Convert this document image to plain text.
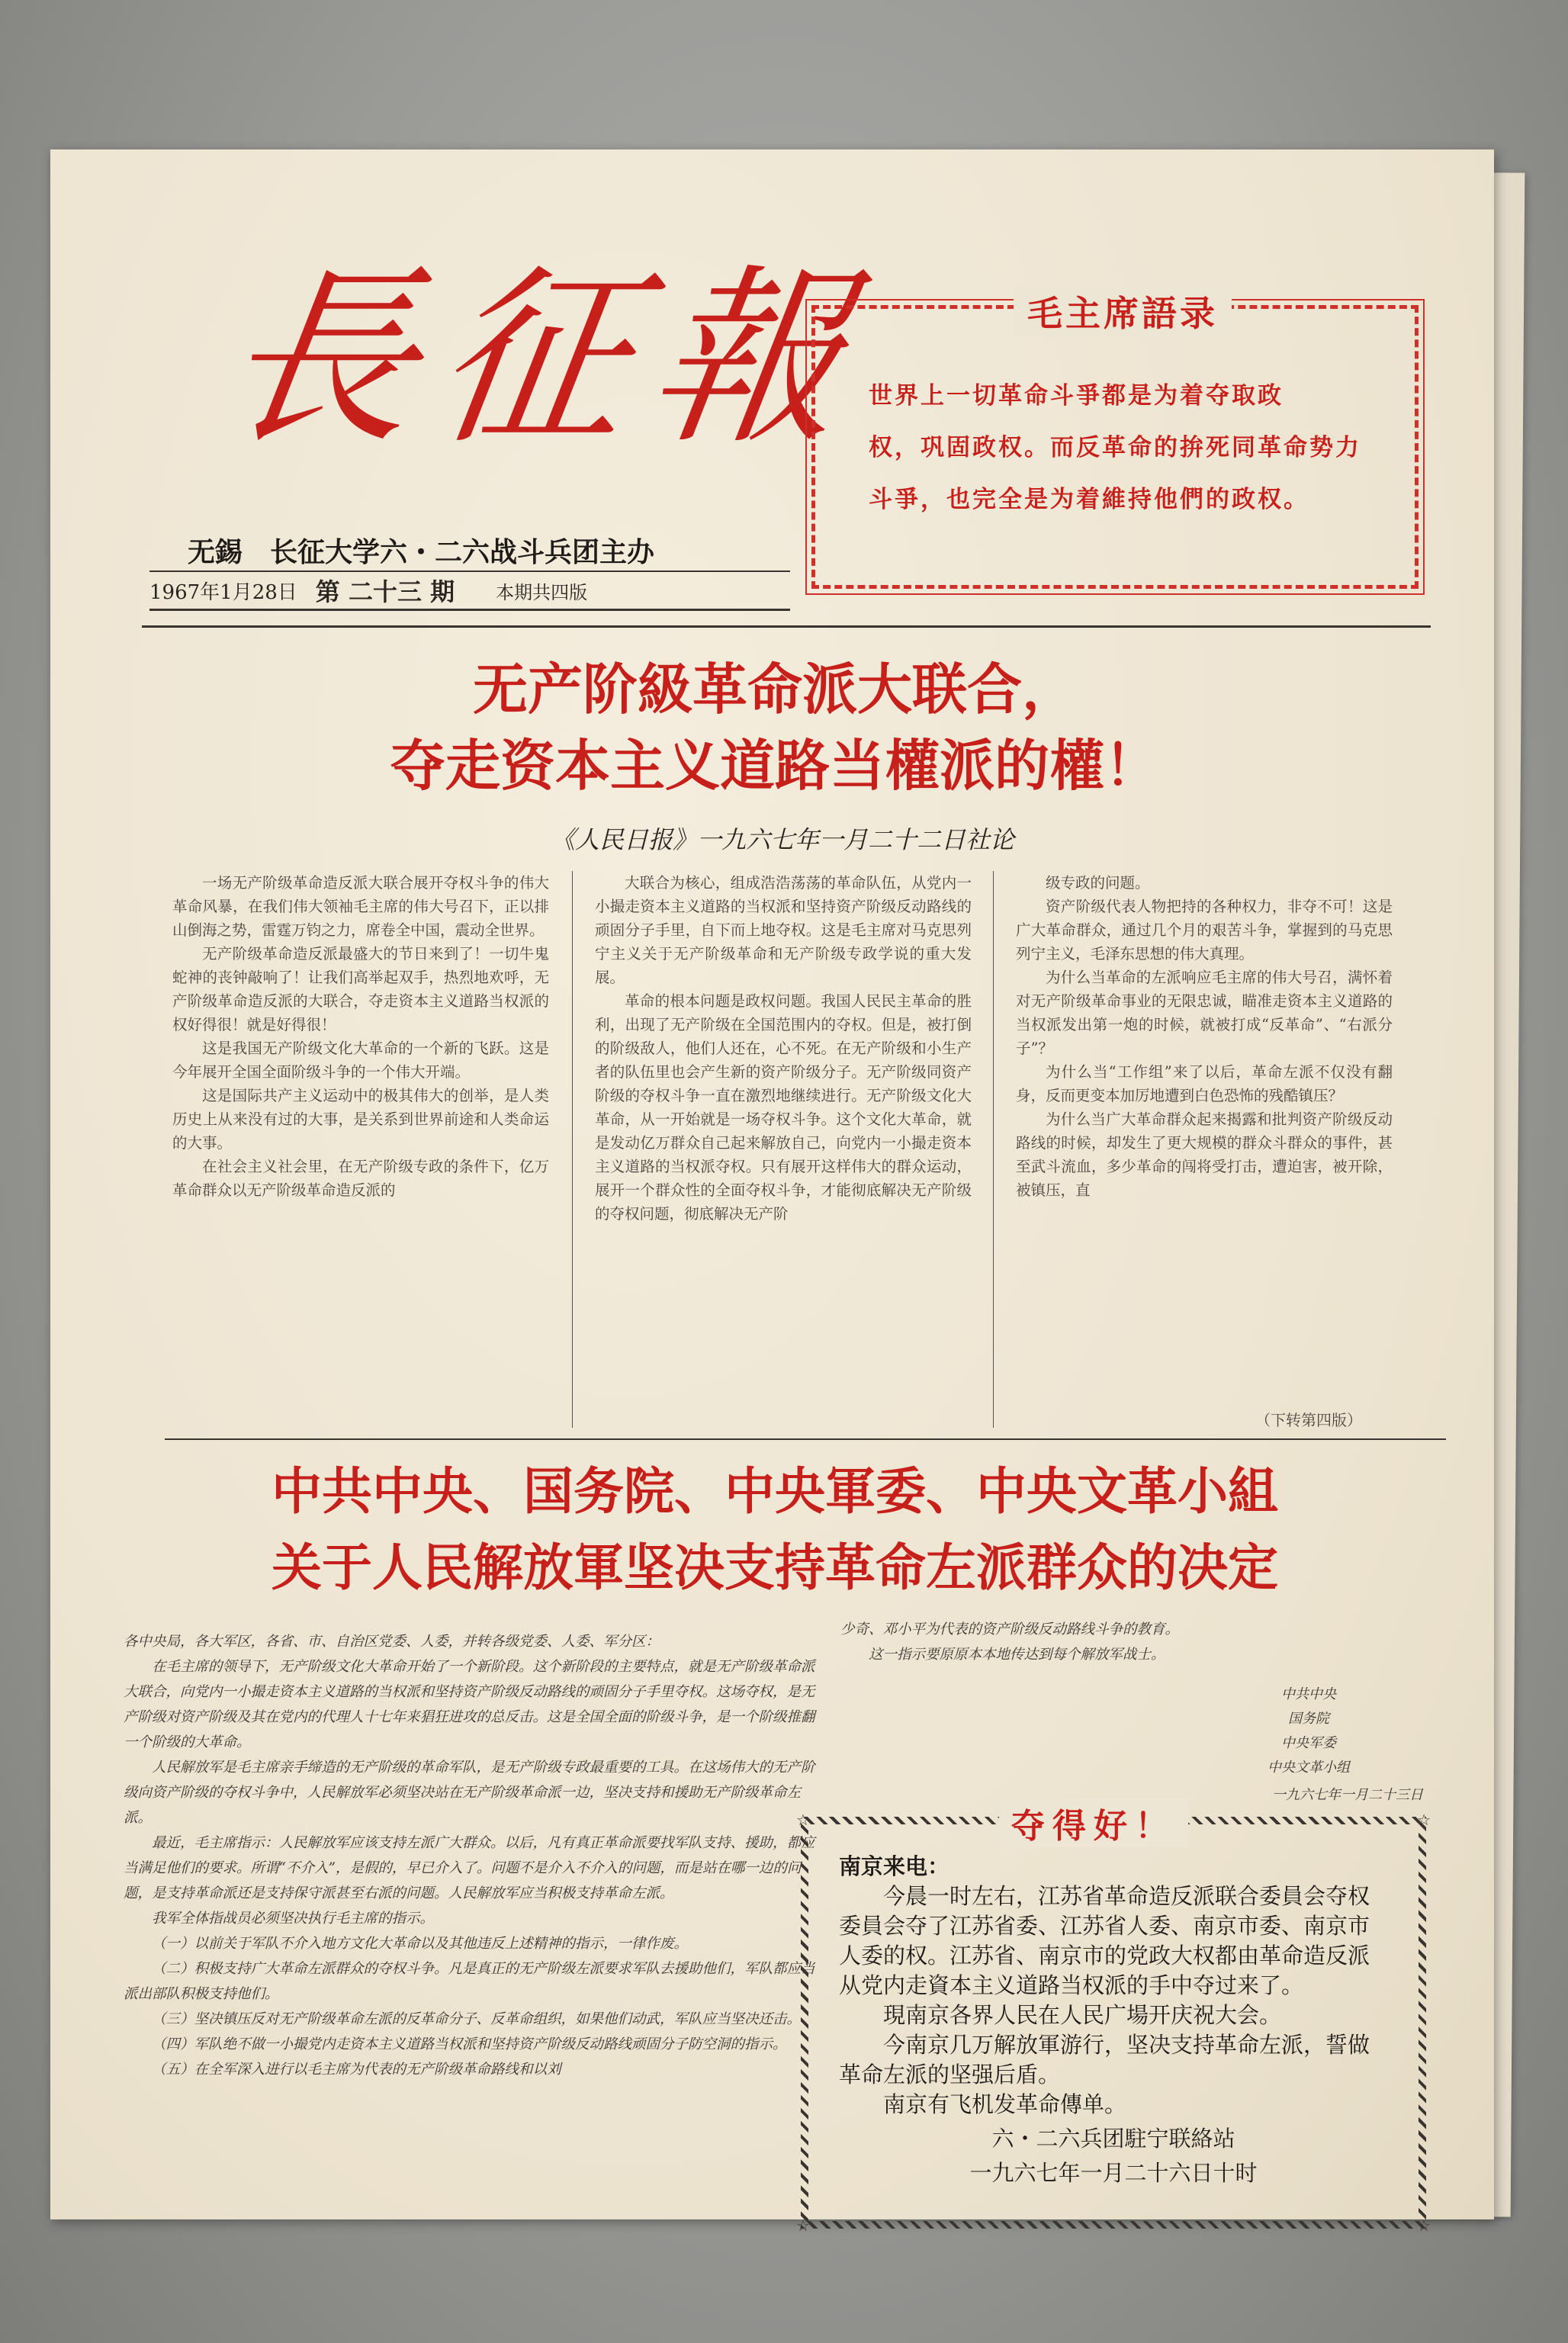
長征報
无錫　长征大学六・二六战斗兵团主办
1967年1月28日 第 二十三 期 本期共四版
毛主席語录
世界上一切革命斗爭都是为着夺取政
权，巩固政权。而反革命的拚死同革命势力
斗爭，也完全是为着維持他們的政权。
无产阶級革命派大联合，
夺走资本主义道路当權派的權！
《人民日报》一九六七年一月二十二日社论

一场无产阶级革命造反派大联合展开夺权斗争的伟大革命风暴，在我们伟大领袖毛主席的伟大号召下，正以排山倒海之势，雷霆万钧之力，席卷全中国，震动全世界。

无产阶级革命造反派最盛大的节日来到了！一切牛鬼蛇神的丧钟敲响了！让我们高举起双手，热烈地欢呼，无产阶级革命造反派的大联合，夺走资本主义道路当权派的权好得很！就是好得很！

这是我国无产阶级文化大革命的一个新的飞跃。这是今年展开全国全面阶级斗争的一个伟大开端。

这是国际共产主义运动中的极其伟大的创举，是人类历史上从来没有过的大事，是关系到世界前途和人类命运的大事。

在社会主义社会里，在无产阶级专政的条件下，亿万革命群众以无产阶级革命造反派的

大联合为核心，组成浩浩荡荡的革命队伍，从党内一小撮走资本主义道路的当权派和坚持资产阶级反动路线的顽固分子手里，自下而上地夺权。这是毛主席对马克思列宁主义关于无产阶级革命和无产阶级专政学说的重大发展。

革命的根本问题是政权问题。我国人民民主革命的胜利，出现了无产阶级在全国范围内的夺权。但是，被打倒的阶级敌人，他们人还在，心不死。在无产阶级和小生产者的队伍里也会产生新的资产阶级分子。无产阶级同资产阶级的夺权斗争一直在激烈地继续进行。无产阶级文化大革命，从一开始就是一场夺权斗争。这个文化大革命，就是发动亿万群众自己起来解放自己，向党内一小撮走资本主义道路的当权派夺权。只有展开这样伟大的群众运动，展开一个群众性的全面夺权斗争，才能彻底解决无产阶级的夺权问题，彻底解决无产阶

级专政的问题。

资产阶级代表人物把持的各种权力，非夺不可！这是广大革命群众，通过几个月的艰苦斗争，掌握到的马克思列宁主义，毛泽东思想的伟大真理。

为什么当革命的左派响应毛主席的伟大号召，满怀着对无产阶级革命事业的无限忠诚，瞄准走资本主义道路的当权派发出第一炮的时候，就被打成“反革命”、“右派分子”？

为什么当“工作组”来了以后，革命左派不仅没有翻身，反而更变本加厉地遭到白色恐怖的残酷镇压？

为什么当广大革命群众起来揭露和批判资产阶级反动路线的时候，却发生了更大规模的群众斗群众的事件，甚至武斗流血，多少革命的闯将受打击，遭迫害，被开除，被镇压，直

（下转第四版）
中共中央、国务院、中央軍委、中央文革小組
关于人民解放軍坚决支持革命左派群众的决定

各中央局，各大军区，各省、市、自治区党委、人委，并转各级党委、人委、军分区：

在毛主席的领导下，无产阶级文化大革命开始了一个新阶段。这个新阶段的主要特点，就是无产阶级革命派大联合，向党内一小撮走资本主义道路的当权派和坚持资产阶级反动路线的顽固分子手里夺权。这场夺权，是无产阶级对资产阶级及其在党内的代理人十七年来猖狂进攻的总反击。这是全国全面的阶级斗争，是一个阶级推翻一个阶级的大革命。

人民解放军是毛主席亲手缔造的无产阶级的革命军队，是无产阶级专政最重要的工具。在这场伟大的无产阶级向资产阶级的夺权斗争中，人民解放军必须坚决站在无产阶级革命派一边，坚决支持和援助无产阶级革命左派。

最近，毛主席指示：人民解放军应该支持左派广大群众。以后，凡有真正革命派要找军队支持、援助，都应当满足他们的要求。所谓“不介入”，是假的，早已介入了。问题不是介入不介入的问题，而是站在哪一边的问题，是支持革命派还是支持保守派甚至右派的问题。人民解放军应当积极支持革命左派。

我军全体指战员必须坚决执行毛主席的指示。

（一）以前关于军队不介入地方文化大革命以及其他违反上述精神的指示，一律作废。

（二）积极支持广大革命左派群众的夺权斗争。凡是真正的无产阶级左派要求军队去援助他们，军队都应当派出部队积极支持他们。

（三）坚决镇压反对无产阶级革命左派的反革命分子、反革命组织，如果他们动武，军队应当坚决还击。

（四）军队绝不做一小撮党内走资本主义道路当权派和坚持资产阶级反动路线顽固分子防空洞的指示。

（五）在全军深入进行以毛主席为代表的无产阶级革命路线和以刘

少奇、邓小平为代表的资产阶级反动路线斗争的教育。

这一指示要原原本本地传达到每个解放军战士。

中共中央
国务院
中央军委
中央文革小组
一九六七年一月二十三日
夺得好！

南京来电：

今晨一时左右，江苏省革命造反派联合委員会夺权委員会夺了江苏省委、江苏省人委、南京市委、南京市人委的权。江苏省、南京市的党政大权都由革命造反派从党内走資本主义道路当权派的手中夺过来了。

現南京各界人民在人民广場开庆祝大会。

今南京几万解放軍游行，坚决支持革命左派，誓做革命左派的坚强后盾。

南京有飞机发革命傳单。

六・二六兵团駐宁联絡站

一九六七年一月二十六日十时

☆	☆
☆	☆
